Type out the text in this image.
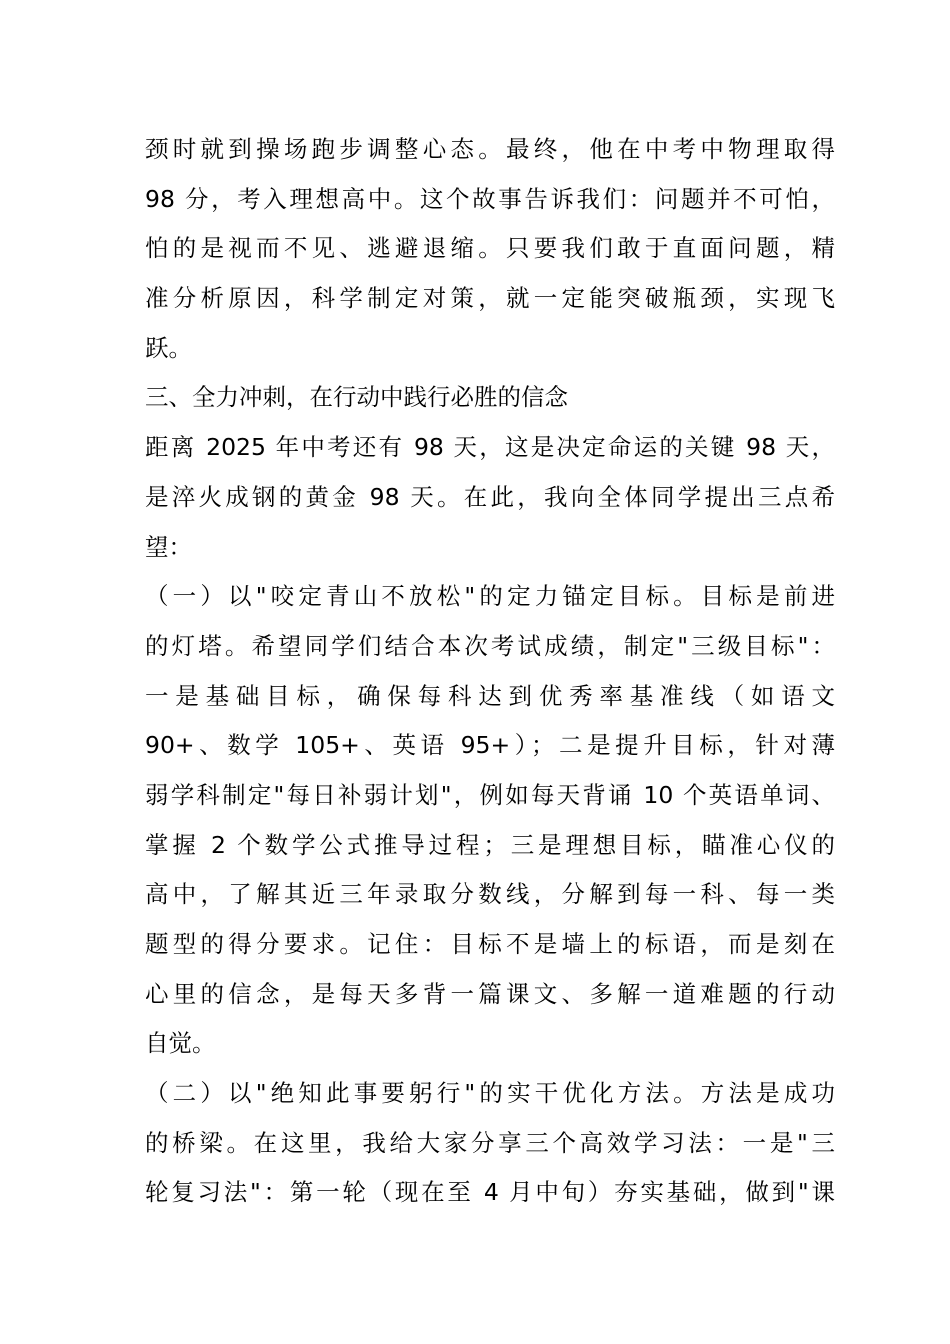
颈时就到操场跑步调整心态。最终，他在中考中物理取得
98 分，考入理想高中。这个故事告诉我们：问题并不可怕，
怕的是视而不见、逃避退缩。只要我们敢于直面问题，精
准分析原因，科学制定对策，就一定能突破瓶颈，实现飞
跃。
三、全力冲刺，在行动中践行必胜的信念
距离 2025 年中考还有 98 天，这是决定命运的关键 98 天，
是淬火成钢的黄金 98 天。在此，我向全体同学提出三点希
望：
（一）以"咬定青山不放松"的定力锚定目标。目标是前进
的灯塔。希望同学们结合本次考试成绩，制定"三级目标"：
一是基础目标，确保每科达到优秀率基准线（如语文
90+、数学 105+、英语 95+）；二是提升目标，针对薄
弱学科制定"每日补弱计划"，例如每天背诵 10 个英语单词、
掌握 2 个数学公式推导过程；三是理想目标，瞄准心仪的
高中，了解其近三年录取分数线，分解到每一科、每一类
题型的得分要求。记住：目标不是墙上的标语，而是刻在
心里的信念，是每天多背一篇课文、多解一道难题的行动
自觉。
（二）以"绝知此事要躬行"的实干优化方法。方法是成功
的桥梁。在这里，我给大家分享三个高效学习法：一是"三
轮复习法"：第一轮（现在至 4 月中旬）夯实基础，做到"课
